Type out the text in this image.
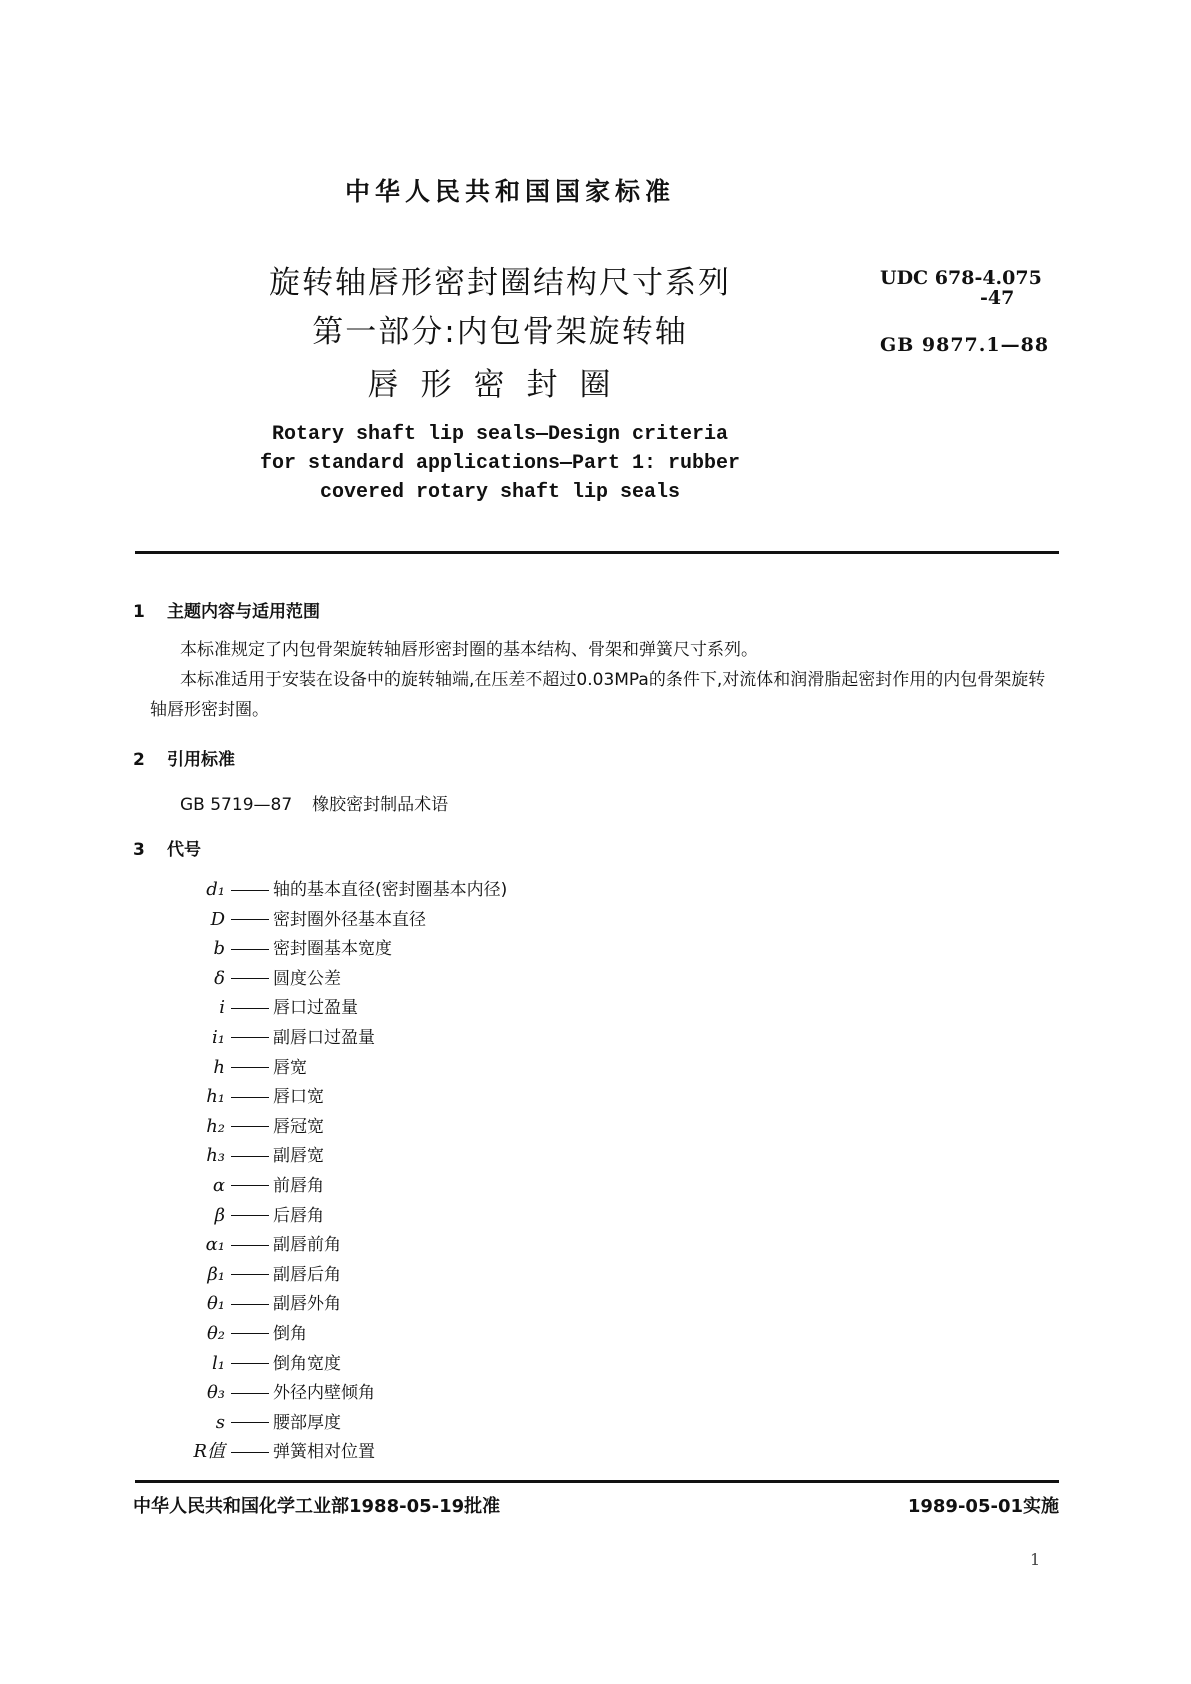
中华人民共和国国家标准
旋转轴唇形密封圈结构尺寸系列
第一部分:内包骨架旋转轴
唇形密封圈
UDC 678-4.075
-47
GB 9877.1—88
Rotary shaft lip seals—Design criteria
for standard applications—Part 1: rubber
covered rotary shaft lip seals
1 主题内容与适用范围

本标准规定了内包骨架旋转轴唇形密封圈的基本结构、骨架和弹簧尺寸系列。

本标准适用于安装在设备中的旋转轴端,在压差不超过0.03MPa的条件下,对流体和润滑脂起密封作用的内包骨架旋转轴唇形密封圈。

2 引用标准
GB 5719—87 橡胶密封制品术语
3 代号
d₁	轴的基本直径(密封圈基本内径)
D	密封圈外径基本直径
b	密封圈基本宽度
δ	圆度公差
i	唇口过盈量
i₁	副唇口过盈量
h	唇宽
h₁	唇口宽
h₂	唇冠宽
h₃	副唇宽
α	前唇角
β	后唇角
α₁	副唇前角
β₁	副唇后角
θ₁	副唇外角
θ₂	倒角
l₁	倒角宽度
θ₃	外径内壁倾角
s	腰部厚度
R值	弹簧相对位置
中华人民共和国化学工业部1988-05-19批准	1989-05-01实施
1
